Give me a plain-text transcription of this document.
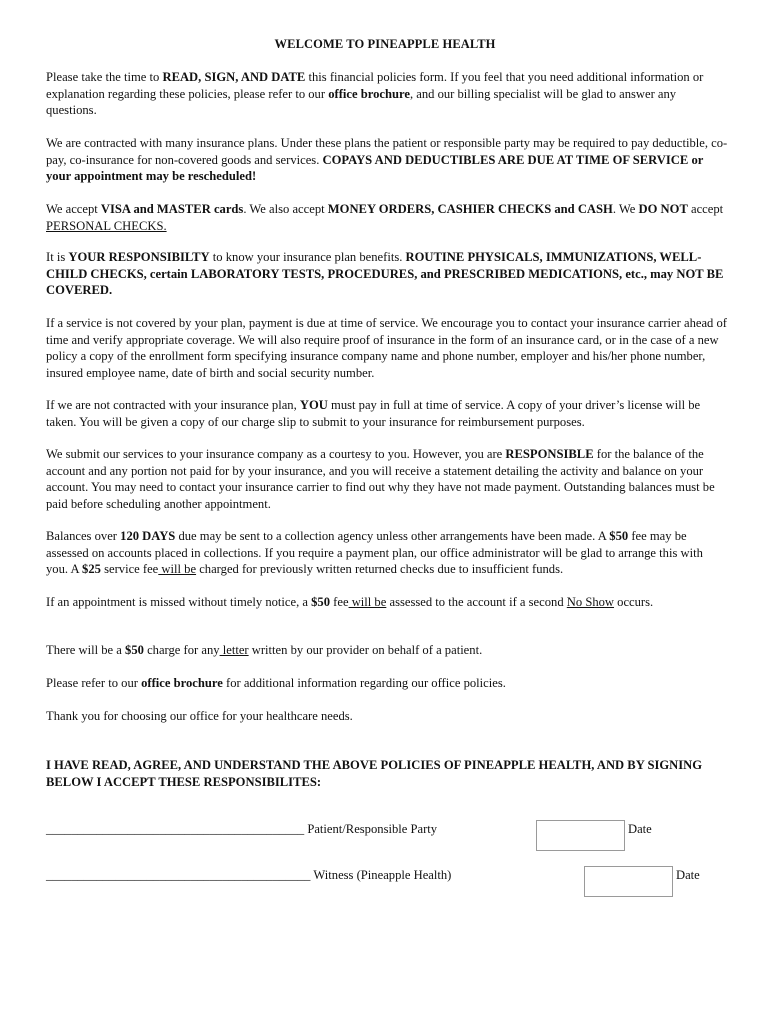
WELCOME TO PINEAPPLE HEALTH

Please take the time to READ, SIGN, AND DATE this financial policies form. If you feel that you need additional information or explanation regarding these policies, please refer to our office brochure, and our billing specialist will be glad to answer any questions.

We are contracted with many insurance plans. Under these plans the patient or responsible party may be required to pay deductible, co-pay, co-insurance for non-covered goods and services. COPAYS AND DEDUCTIBLES ARE DUE AT TIME OF SERVICE or your appointment may be rescheduled!

We accept VISA and MASTER cards. We also accept MONEY ORDERS, CASHIER CHECKS and CASH. We DO NOT accept PERSONAL CHECKS.

It is YOUR RESPONSIBILTY to know your insurance plan benefits. ROUTINE PHYSICALS, IMMUNIZATIONS, WELL-CHILD CHECKS, certain LABORATORY TESTS, PROCEDURES, and PRESCRIBED MEDICATIONS, etc., may NOT BE COVERED.

If a service is not covered by your plan, payment is due at time of service. We encourage you to contact your insurance carrier ahead of time and verify appropriate coverage. We will also require proof of insurance in the form of an insurance card, or in the case of a new policy a copy of the enrollment form specifying insurance company name and phone number, employer and his/her phone number, insured employee name, date of birth and social security number.

If we are not contracted with your insurance plan, YOU must pay in full at time of service. A copy of your driver’s license will be taken. You will be given a copy of our charge slip to submit to your insurance for reimbursement purposes.

We submit our services to your insurance company as a courtesy to you. However, you are RESPONSIBLE for the balance of the account and any portion not paid for by your insurance, and you will receive a statement detailing the activity and balance on your account. You may need to contact your insurance carrier to find out why they have not made payment. Outstanding balances must be paid before scheduling another appointment.

Balances over 120 DAYS due may be sent to a collection agency unless other arrangements have been made. A $50 fee may be assessed on accounts placed in collections. If you require a payment plan, our office administrator will be glad to arrange this with you. A $25 service fee will be charged for previously written returned checks due to insufficient funds.

If an appointment is missed without timely notice, a $50 fee will be assessed to the account if a second No Show occurs.

There will be a $50 charge for any letter written by our provider on behalf of a patient.

Please refer to our office brochure for additional information regarding our office policies.

Thank you for choosing our office for your healthcare needs.

I HAVE READ, AGREE, AND UNDERSTAND THE ABOVE POLICIES OF PINEAPPLE HEALTH, AND BY SIGNING BELOW I ACCEPT THESE RESPONSIBILITES:

_________________________________________ Patient/Responsible Party	Date
__________________________________________ Witness (Pineapple Health)	Date
